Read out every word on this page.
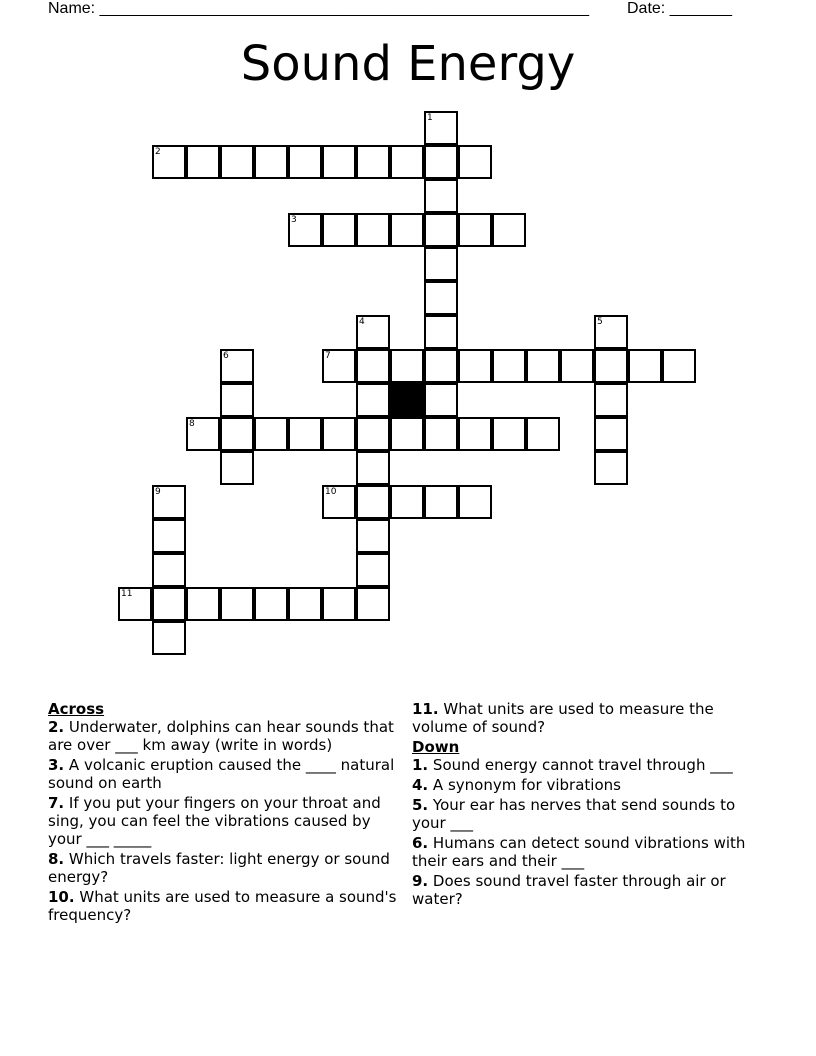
Name: _______________________________________________________ Date: _______
Sound Energy
1
2
3
4	5
6	7
8
9	10
11

Across

2. Underwater, dolphins can hear sounds that are over ___ km away (write in words)

3. A volcanic eruption caused the ____ natural sound on earth

7. If you put your fingers on your throat and sing, you can feel the vibrations caused by your ___ _____

8. Which travels faster: light energy or sound energy?

10. What units are used to measure a sound's frequency?

11. What units are used to measure the volume of sound?

Down

1. Sound energy cannot travel through ___

4. A synonym for vibrations

5. Your ear has nerves that send sounds to your ___

6. Humans can detect sound vibrations with their ears and their ___

9. Does sound travel faster through air or water?
